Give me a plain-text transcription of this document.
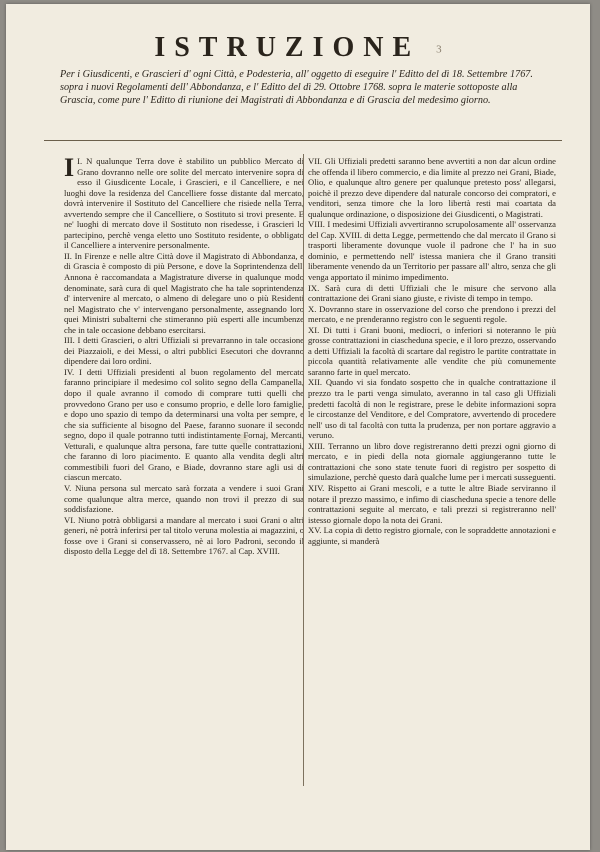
ISTRUZIONE 3
Per i Giusdicenti, e Grascieri d' ogni Città, e Podesteria, all' oggetto di eseguire l' Editto del dì 18. Settembre 1767. sopra i nuovi Regolamenti dell' Abbondanza, e l' Editto del dì 29. Ottobre 1768. sopra le materie sottoposte alla Grascia, come pure l' Editto di riunione dei Magistrati di Abbondanza e di Grascia del medesimo giorno.

I.
I N qualunque Terra dove è stabilito un pubblico Mercato di Grano dovranno nelle ore solite del mercato intervenire sopra di esso il Giusdicente Locale, i Grascieri, e il Cancelliere, e nei luoghi dove la residenza del Cancelliere fosse distante dal mercato, dovrà intervenire il Sostituto del Cancelliere che risiede nella Terra, avvertendo sempre che il Cancelliere, o Sostituto si trovi presente. E ne' luoghi di mercato dove il Sostituto non risedesse, i Grascieri lo partecipino, perchè venga eletto uno Sostituto residente, o obbligato il Cancelliere a intervenire personalmente.

II. In Firenze e nelle altre Città dove il Magistrato di Abbondanza, e di Grascia è composto di più Persone, e dove la Soprintendenza dell' Annona è raccomandata a Magistrature diverse in qualunque modo denominate, sarà cura di quel Magistrato che ha tale soprintendenza d' intervenire al mercato, o almeno di delegare uno o più Residenti nel Magistrato che v' intervengano personalmente, assegnando loro quei Ministri subalterni che stimeranno più esperti alle incumbenze che in tale occasione debbano esercitarsi.

III. I detti Grascieri, o altri Uffiziali si prevarranno in tale occasione dei Piazzaioli, e dei Messi, o altri pubblici Esecutori che dovranno dipendere dai loro ordini.

IV. I detti Uffiziali presidenti al buon regolamento del mercato faranno principiare il medesimo col solito segno della Campanella, dopo il quale avranno il comodo di comprare tutti quelli che provvedono Grano per uso e consumo proprio, e delle loro famiglie, e dopo uno spazio di tempo da determinarsi una volta per sempre, e che sia sufficiente al bisogno del Paese, faranno suonare il secondo segno, dopo il quale potranno tutti indistintamente Fornaj, Mercanti, Vetturali, e qualunque altra persona, fare tutte quelle contrattazioni, che faranno di loro piacimento. E quanto alla vendita degli altri commestibili fuori del Grano, e Biade, dovranno stare agli usi di ciascun mercato.

V. Niuna persona sul mercato sarà forzata a vendere i suoi Grani come qualunque altra merce, quando non trovi il prezzo di sua soddisfazione.

VI. Niuno potrà obbligarsi a mandare al mercato i suoi Grani o altri generi, nè potrà inferirsi per tal titolo veruna molestia ai magazzini, o fosse ove i Grani si conservassero, nè ai loro Padroni, secondo il disposto della Legge del dì 18. Settembre 1767. al Cap. XVIII.

VII. Gli Uffiziali predetti saranno bene avvertiti a non dar alcun ordine che offenda il libero commercio, e dia limite al prezzo nei Grani, Biade, Olio, e qualunque altro genere per qualunque pretesto poss' allegarsi, poichè il prezzo deve dipendere dal naturale concorso dei compratori, e venditori, senza timore che la loro libertà resti mai coartata da qualunque ordinazione, o disposizione dei Giusdicenti, o Magistrati.

VIII. I medesimi Uffiziali avvertiranno scrupolosamente all' osservanza del Cap. XVIII. di detta Legge, permettendo che dal mercato il Grano si trasporti liberamente dovunque vuole il padrone che l' ha in suo dominio, e permettendo nell' istessa maniera che il Grano transiti liberamente venendo da un Territorio per passare all' altro, senza che gli venga apportato il minimo impedimento.

IX. Sarà cura di detti Uffiziali che le misure che servono alla contrattazione dei Grani siano giuste, e riviste di tempo in tempo.

X. Dovranno stare in osservazione del corso che prendono i prezzi del mercato, e ne prenderanno registro con le seguenti regole.

XI. Di tutti i Grani buoni, mediocri, o inferiori si noteranno le più grosse contrattazioni in ciascheduna specie, e il loro prezzo, osservando a detti Uffiziali la facoltà di scartare dal registro le partite contrattate in piccola quantità relativamente alle vendite che più comunemente saranno farte in quel mercato.

XII. Quando vi sia fondato sospetto che in qualche contrattazione il prezzo tra le parti venga simulato, averanno in tal caso gli Uffiziali predetti facoltà di non le registrare, prese le debite informazioni sopra le circostanze del Venditore, e del Compratore, avvertendo di procedere nell' uso di tal facoltà con tutta la prudenza, per non portare aggravio a veruno.

XIII. Terranno un libro dove registreranno detti prezzi ogni giorno di mercato, e in piedi della nota giornale aggiungeranno tutte le contrattazioni che sono state tenute fuori di registro per sospetto di simulazione, perchè questo darà qualche lume per i mercati susseguenti.

XIV. Rispetto ai Grani mescoli, e a tutte le altre Biade serviranno il notare il prezzo massimo, e infimo di ciascheduna specie a tenore delle contrattazioni seguite al mercato, e tali prezzi si registreranno nell' istesso giornale dopo la nota dei Grani.

XV. La copia di detto registro giornale, con le sopraddette annotazioni e aggiunte, si manderà
